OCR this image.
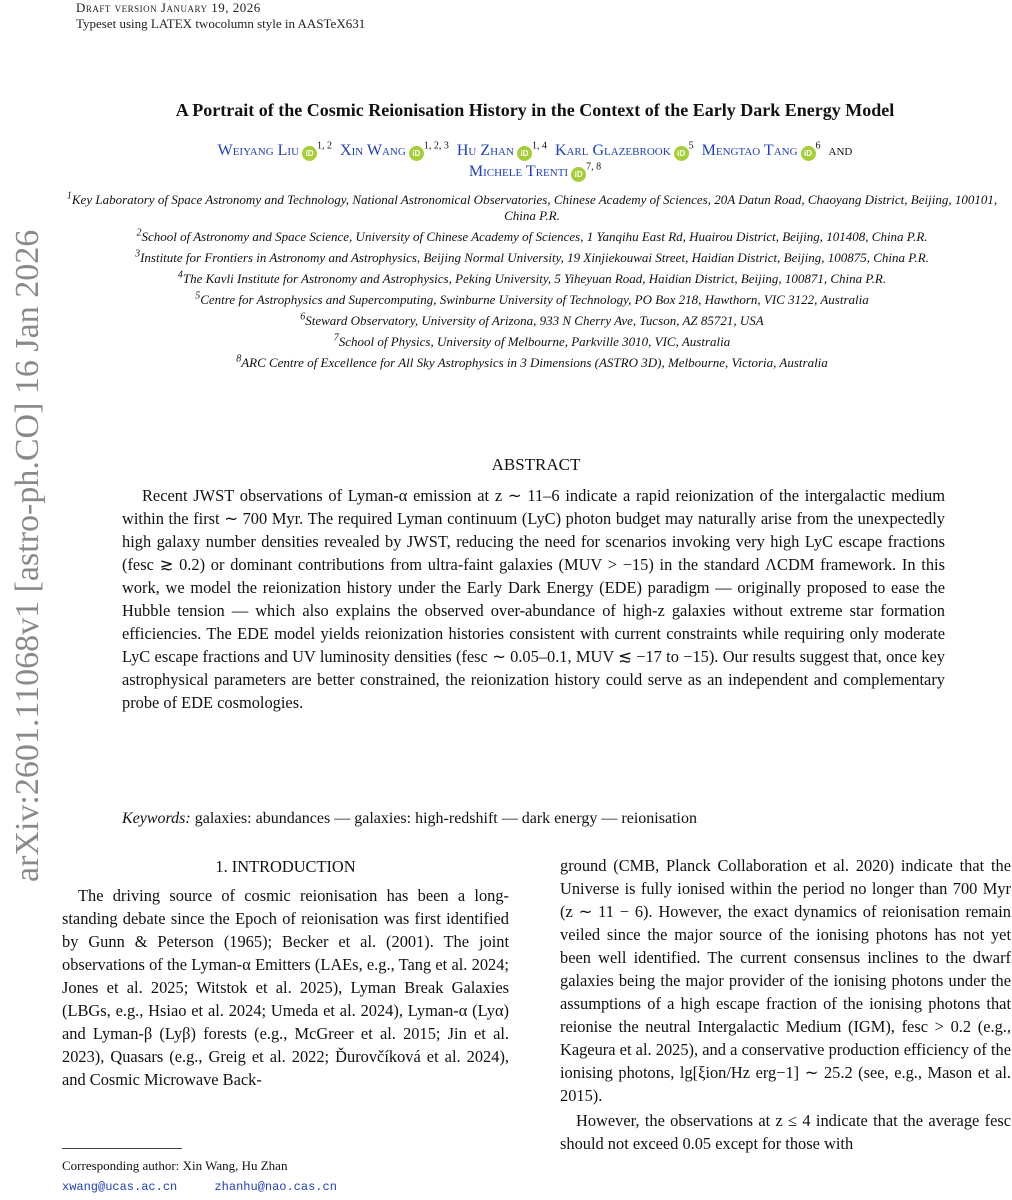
arXiv:2601.11068v1 [astro-ph.CO] 16 Jan 2026
Draft version January 19, 2026
Typeset using LATEX twocolumn style in AASTeX631
A Portrait of the Cosmic Reionisation History in the Context of the Early Dark Energy Model
Weiyang Liu iD$^{1, 2}$ Xin Wang iD$^{1, 2, 3}$ Hu Zhan iD$^{1, 4}$ Karl Glazebrook $iD^5$ Mengtao Tang $iD^6$ and
Michele Trenti iD$^{7, 8}$

$^1$Key Laboratory of Space Astronomy and Technology, National Astronomical Observatories, Chinese Academy of Sciences, 20A Datun Road, Chaoyang District, Beijing, 100101, China P.R.

$^2$School of Astronomy and Space Science, University of Chinese Academy of Sciences, 1 Yanqihu East Rd, Huairou District, Beijing, 101408, China P.R.

$^3$Institute for Frontiers in Astronomy and Astrophysics, Beijing Normal University, 19 Xinjiekouwai Street, Haidian District, Beijing, 100875, China P.R.

$^4$The Kavli Institute for Astronomy and Astrophysics, Peking University, 5 Yiheyuan Road, Haidian District, Beijing, 100871, China P.R.

$^5$Centre for Astrophysics and Supercomputing, Swinburne University of Technology, PO Box 218, Hawthorn, VIC 3122, Australia

$^6$Steward Observatory, University of Arizona, 933 N Cherry Ave, Tucson, AZ 85721, USA

$^7$School of Physics, University of Melbourne, Parkville 3010, VIC, Australia

$^8$ARC Centre of Excellence for All Sky Astrophysics in 3 Dimensions (ASTRO 3D), Melbourne, Victoria, Australia

ABSTRACT

Recent JWST observations of Lyman-α emission at z ∼ 11–6 indicate a rapid reionization of the intergalactic medium within the first ∼ 700 Myr. The required Lyman continuum (LyC) photon budget may naturally arise from the unexpectedly high galaxy number densities revealed by JWST, reducing the need for scenarios invoking very high LyC escape fractions (fesc ≳ 0.2) or dominant contributions from ultra-faint galaxies (MUV > −15) in the standard ΛCDM framework. In this work, we model the reionization history under the Early Dark Energy (EDE) paradigm — originally proposed to ease the Hubble tension — which also explains the observed over-abundance of high-z galaxies without extreme star formation efficiencies. The EDE model yields reionization histories consistent with current constraints while requiring only moderate LyC escape fractions and UV luminosity densities (fesc ∼ 0.05–0.1, MUV ≲ −17 to −15). Our results suggest that, once key astrophysical parameters are better constrained, the reionization history could serve as an independent and complementary probe of EDE cosmologies.

Keywords: galaxies: abundances — galaxies: high-redshift — dark energy — reionisation
1. INTRODUCTION

The driving source of cosmic reionisation has been a long-standing debate since the Epoch of reionisation was first identified by Gunn & Peterson (1965); Becker et al. (2001). The joint observations of the Lyman-α Emitters (LAEs, e.g., Tang et al. 2024; Jones et al. 2025; Witstok et al. 2025), Lyman Break Galaxies (LBGs, e.g., Hsiao et al. 2024; Umeda et al. 2024), Lyman-α (Lyα) and Lyman-β (Lyβ) forests (e.g., McGreer et al. 2015; Jin et al. 2023), Quasars (e.g., Greig et al. 2022; Ďurovčíková et al. 2024), and Cosmic Microwave Back-

ground (CMB, Planck Collaboration et al. 2020) indicate that the Universe is fully ionised within the period no longer than 700 Myr (z ∼ 11 − 6). However, the exact dynamics of reionisation remain veiled since the major source of the ionising photons has not yet been well identified. The current consensus inclines to the dwarf galaxies being the major provider of the ionising photons under the assumptions of a high escape fraction of the ionising photons that reionise the neutral Intergalactic Medium (IGM), fesc > 0.2 (e.g., Kageura et al. 2025), and a conservative production efficiency of the ionising photons, lg[ξion/Hz erg−1] ∼ 25.2 (see, e.g., Mason et al. 2015).

However, the observations at z ≤ 4 indicate that the average fesc should not exceed 0.05 except for those with

Corresponding author: Xin Wang, Hu Zhan
xwang@ucas.ac.cn	zhanhu@nao.cas.cn
